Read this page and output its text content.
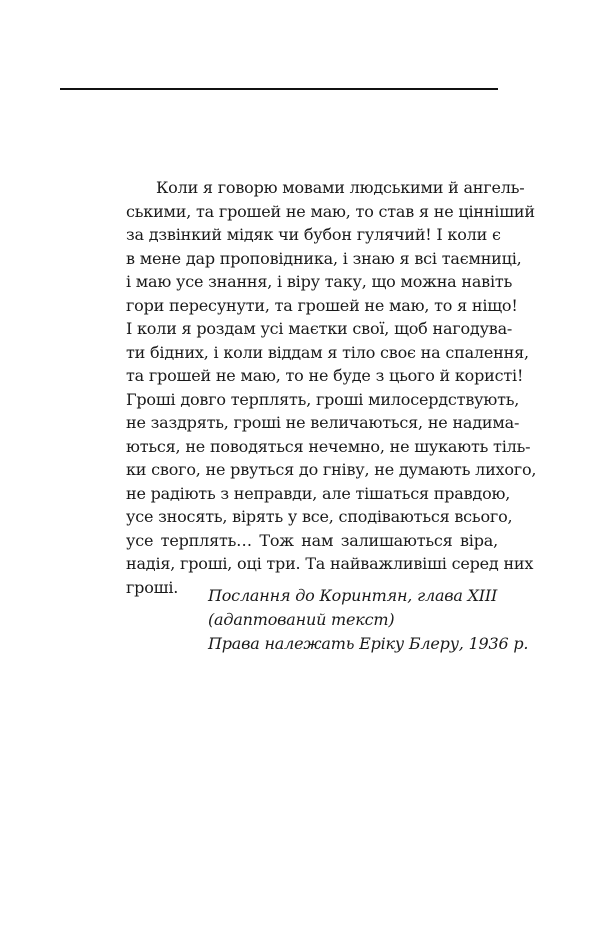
Коли я говорю мовами людськими й ангель-
ськими, та грошей не маю, то став я не цінніший
за дзвінкий мідяк чи бубон гулячий! І коли є
в мене дар проповідника, і знаю я всі таємниці,
і маю усе знання, і віру таку, що можна навіть
гори пересунути, та грошей не маю, то я ніщо!
І коли я роздам усі маєтки свої, щоб нагодува-
ти бідних, і коли віддам я тіло своє на спалення,
та грошей не маю, то не буде з цього й користі!
Гроші довго терплять, гроші милосердствують,
не заздрять, гроші не величаються, не надима-
ються, не поводяться нечемно, не шукають тіль-
ки свого, не рвуться до гніву, не думають лихого,
не радіють з неправди, але тішаться правдою,
усе зносять, вірять у все, сподіваються всього,
усе терплять… Тож нам залишаються віра,
надія, гроші, оці три. Та найважливіші серед них
гроші.	Послання до Коринтян, глава XIII
(адаптований текст)
Права належать Еріку Блеру, 1936 р.
